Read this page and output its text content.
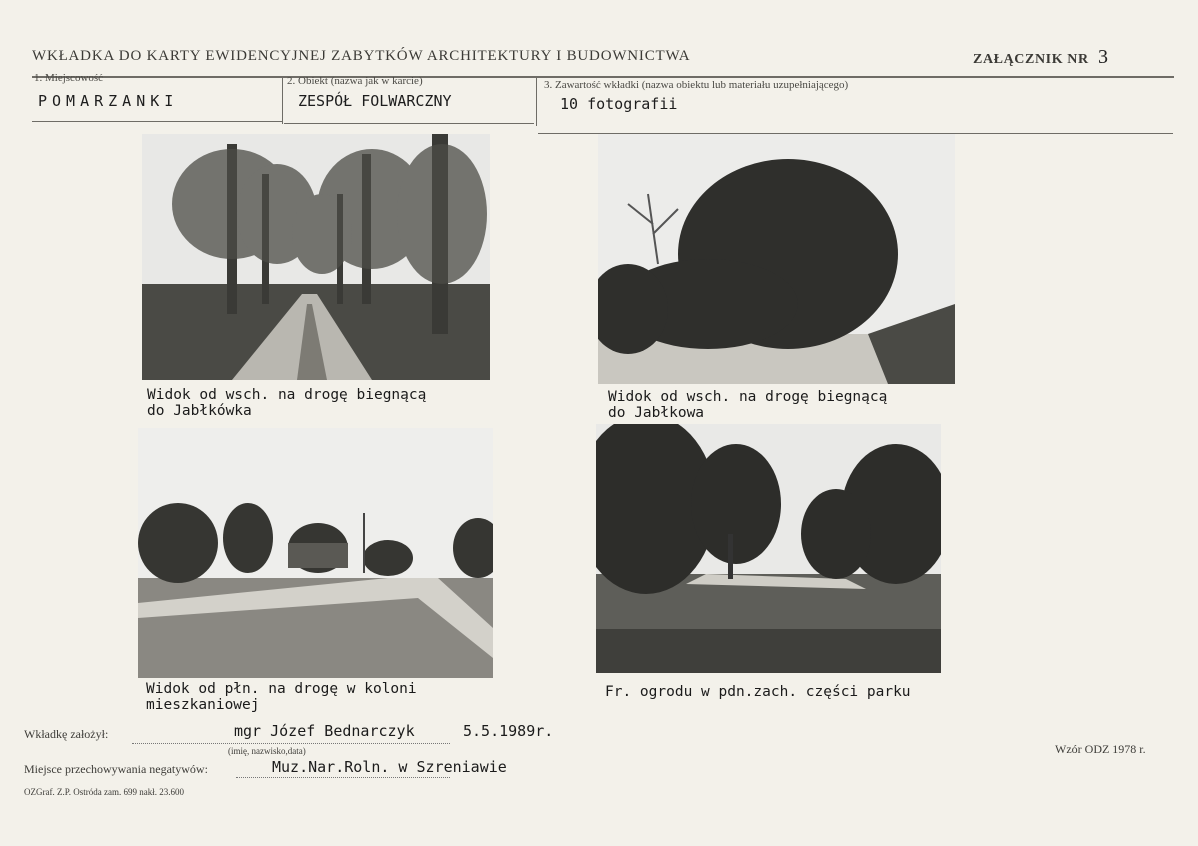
WKŁADKA DO KARTY EWIDENCYJNEJ ZABYTKÓW ARCHITEKTURY I BUDOWNICTWA	ZAŁĄCZNIK NR 3
1. Miejscowość
POMARZANKI
2. Obiekt (nazwa jak w karcie)
ZESPÓŁ FOLWARCZNY
3. Zawartość wkładki (nazwa obiektu lub materiału uzupełniającego)
10 fotografii
Widok od wsch. na drogę biegnącą
do Jabłkówka
Widok od wsch. na drogę biegnącą
do Jabłkowa
Widok od płn. na drogę w koloni
mieszkaniowej
Fr. ogrodu w pdn.zach. części parku
Wkładkę założył:	mgr Józef Bednarczyk	5.5.1989r.
(imię, nazwisko,data)
Miejsce przechowywania negatywów:	Muz.Nar.Roln. w Szreniawie
Wzór ODZ 1978 r.
OZGraf. Z.P. Ostróda zam. 699 nakł. 23.600
